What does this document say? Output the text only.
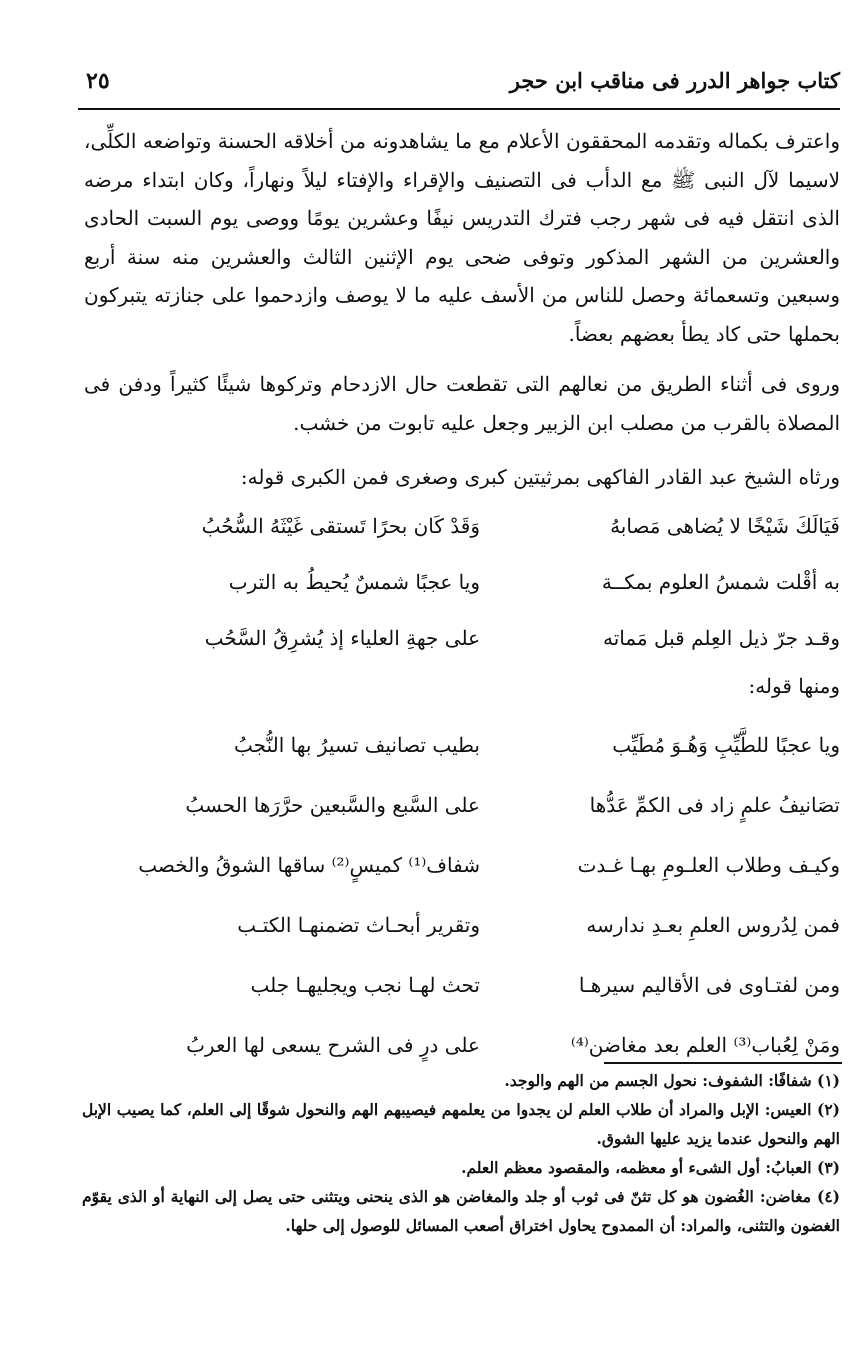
كتاب جواهر الدرر فى مناقب ابن حجر
٢٥

واعترف بكماله وتقدمه المحققون الأعلام مع ما يشاهدونه من أخلاقه الحسنة وتواضعه الكلِّى، لاسيما لآل النبى ﷺ مع الدأب فى التصنيف والإقراء والإفتاء ليلاً ونهاراً، وكان ابتداء مرضه الذى انتقل فيه فى شهر رجب فترك التدريس نيفًا وعشرين يومًا ووصى يوم السبت الحادى والعشرين من الشهر المذكور وتوفى ضحى يوم الإثنين الثالث والعشرين منه سنة أربع وسبعين وتسعمائة وحصل للناس من الأسف عليه ما لا يوصف وازدحموا على جنازته يتبركون بحملها حتى كاد يطأ بعضهم بعضاً.

وروى فى أثناء الطريق من نعالهم التى تقطعت حال الازدحام وتركوها شيئًا كثيراً ودفن فى المصلاة بالقرب من مصلب ابن الزبير وجعل عليه تابوت من خشب.

ورثاه الشيخ عبد القادر الفاكهى بمرثيتين كبرى وصغرى فمن الكبرى قوله:

فَيَالَكَ شَيْخًا لا يُضاهى مَصابهُ
وَقَدْ كَان بحرًا تَستقى غَيْثَهُ السُّحُبُ
به أقْلت شمسُ العلوم بمكــة
ويا عجبًا شمسٌ يُحيطُ به الترب
وقـد جرّ ذيل العِلم قبل مَماته
على جهةِ العلياء إذ يُشرِقُ السَّحُب

ومنها قوله:

ويا عجبًا للطَّيِّبِ وَهُـوَ مُطَيِّب
بطيب تصانيف تسيرُ بها النُّجبُ
تصَانيفُ علمٍ زاد فى الكمِّ عَدُّها
على السَّبع والسَّبعين حرَّرَها الحسبُ
وكيـف وطلاب العلـومِ بهـا غـدت
شفاف⁽¹⁾ كميسٍ⁽²⁾ ساقها الشوقُ والخصب
فمن لِدُروس العلمِ بعـدِ ندارسه
وتقرير أبحـاث تضمنهـا الكتـب
ومن لفتـاوى فى الأقاليم سيرهـا
تحث لهـا نجب ويجليهـا جلب
ومَنْ لِعُباب⁽³⁾ العلم بعد مغاضن⁽⁴⁾
على درٍ فى الشرح يسعى لها العربُ

(١) شفافًا: الشفوف: نحول الجسم من الهم والوجد.

(٢) العيس: الإبل والمراد أن طلاب العلم لن يجدوا من يعلمهم فيصيبهم الهم والنحول شوقًا إلى العلم، كما يصيب الإبل الهم والنحول عندما يزيد عليها الشوق.

(٣) العبابُ: أول الشىء أو معظمه، والمقصود معظم العلم.

(٤) مغاضن: الغُضون هو كل تثنّ فى ثوب أو جلد والمغاضن هو الذى ينحنى ويتثنى حتى يصل إلى النهاية أو الذى يقوّم الغضون والتثنى، والمراد: أن الممدوح يحاول اختراق أصعب المسائل للوصول إلى حلها.
